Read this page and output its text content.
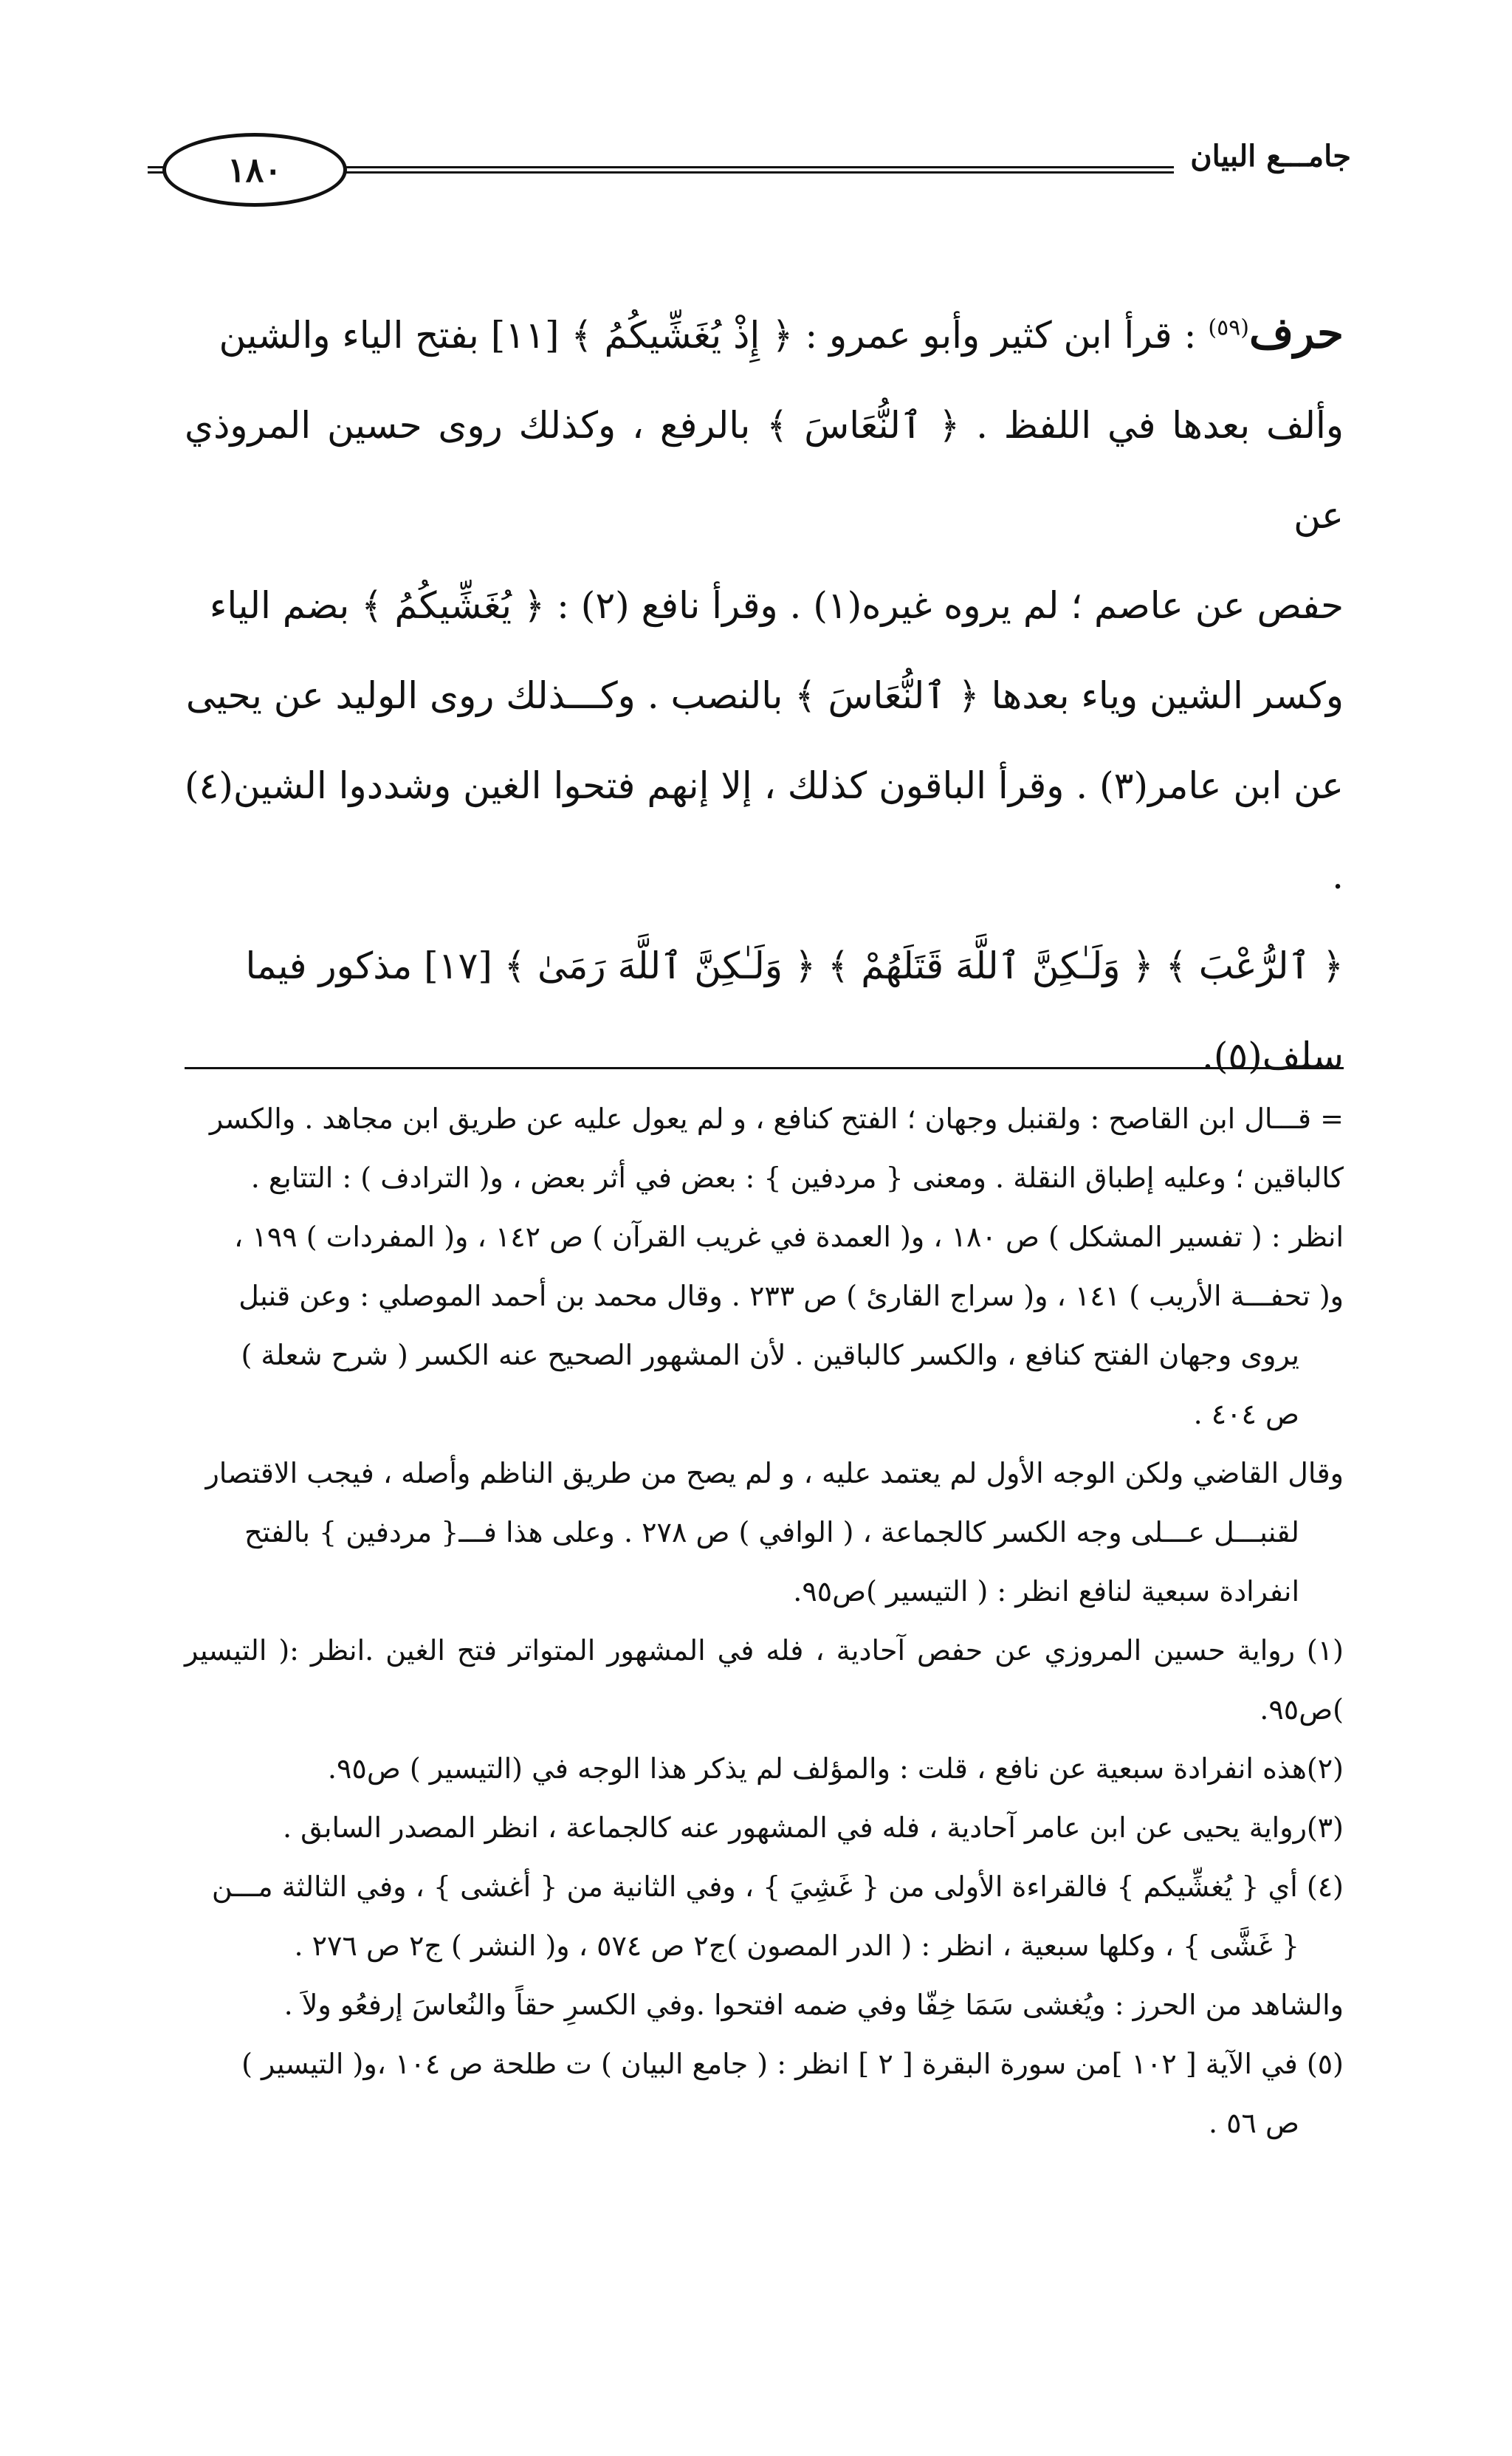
١٨٠	جامـــع البيان

حرف$^{(٥٩)}$ : قرأ ابن كثير وأبو عمرو : ﴿ إِذْ يُغَشِّيكُمُ ﴾ [١١] بفتح الياء والشين

وألف بعدها في اللفظ . ﴿ ٱلنُّعَاسَ ﴾ بالرفع ، وكذلك روى حسين المروذي عن

حفص عن عاصم ؛ لم يروه غيره(١) . وقرأ نافع (٢) : ﴿ يُغَشِّيكُمُ ﴾ بضم الياء

وكسر الشين وياء بعدها ﴿ ٱلنُّعَاسَ ﴾ بالنصب . وكـــذلك روى الوليد عن يحيى

عن ابن عامر(٣) . وقرأ الباقون كذلك ، إلا إنهم فتحوا الغين وشددوا الشين(٤) .

﴿ ٱلرُّعْبَ ﴾ ﴿ وَلَـٰكِنَّ ٱللَّهَ قَتَلَهُمْ ﴾ ﴿ وَلَـٰكِنَّ ٱللَّهَ رَمَىٰ ﴾ [١٧] مذكور فيما

سلف(٥).

= قـــال ابن القاصح : ولقنبل وجهان ؛ الفتح كنافع ، و لم يعول عليه عن طريق ابن مجاهد . والكسر

كالباقين ؛ وعليه إطباق النقلة . ومعنى { مردفين } : بعض في أثر بعض ، و( الترادف ) : التتابع .

انظر : ( تفسير المشكل ) ص ١٨٠ ، و( العمدة في غريب القرآن ) ص ١٤٢ ، و( المفردات ) ١٩٩ ،

و( تحفـــة الأريب ) ١٤١ ، و( سراج القارئ ) ص ٢٣٣ . وقال محمد بن أحمد الموصلي : وعن قنبل

يروى وجهان الفتح كنافع ، والكسر كالباقين . لأن المشهور الصحيح عنه الكسر ( شرح شعلة )

ص ٤٠٤ .

وقال القاضي ولكن الوجه الأول لم يعتمد عليه ، و لم يصح من طريق الناظم وأصله ، فيجب الاقتصار

لقنبـــل عـــلى وجه الكسر كالجماعة ، ( الوافي ) ص ٢٧٨ . وعلى هذا فـــ{ مردفين } بالفتح

انفرادة سبعية لنافع انظر : ( التيسير )ص٩٥.

(١) رواية حسين المروزي عن حفص آحادية ، فله في المشهور المتواتر فتح الغين .انظر :( التيسير )ص٩٥.

(٢)هذه انفرادة سبعية عن نافع ، قلت : والمؤلف لم يذكر هذا الوجه في (التيسير ) ص٩٥.

(٣)رواية يحيى عن ابن عامر آحادية ، فله في المشهور عنه كالجماعة ، انظر المصدر السابق .

(٤) أي { يُغشِّيكم } فالقراءة الأولى من { غَشِيَ } ، وفي الثانية من { أغشى } ، وفي الثالثة مـــن

{ غَشَّى } ، وكلها سبعية ، انظر : ( الدر المصون )ج٢ ص ٥٧٤ ، و( النشر ) ج٢ ص ٢٧٦ .

والشاهد من الحرز : ويُغشى سَمَا خِفّا وفي ضمه افتحوا .وفي الكسرِ حقاً والنُعاسَ إرفعُو ولاَ .

(٥) في الآية [ ١٠٢ ]من سورة البقرة [ ٢ ] انظر : ( جامع البيان ) ت طلحة ص ١٠٤ ،و( التيسير )

ص ٥٦ .
